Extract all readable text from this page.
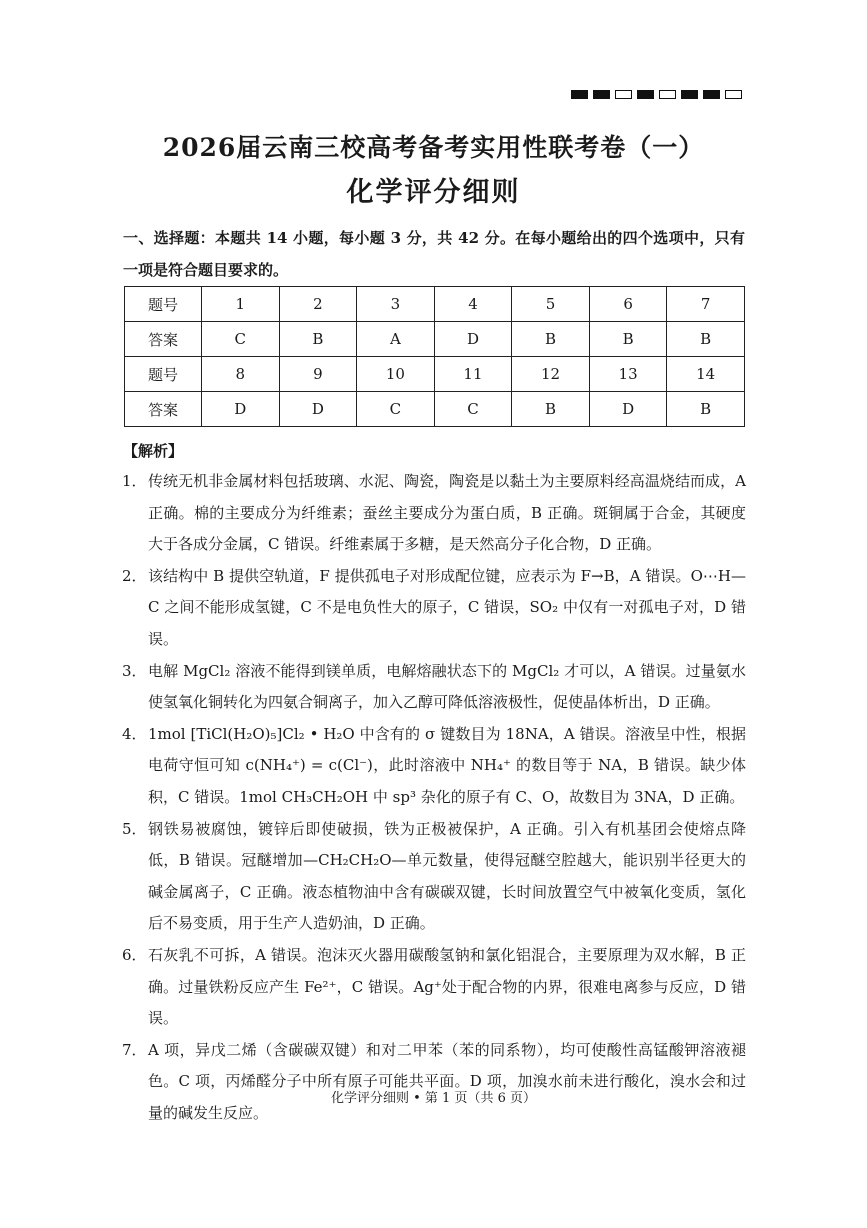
2026届云南三校高考备考实用性联考卷（一）
化学评分细则
一、选择题：本题共 14 小题，每小题 3 分，共 42 分。在每小题给出的四个选项中，只有一项是符合题目要求的。
题号	1	2	3	4	5	6	7
答案	C	B	A	D	B	B	B
题号	8	9	10	11	12	13	14
答案	D	D	C	C	B	D	B
【解析】
1． 传统无机非金属材料包括玻璃、水泥、陶瓷，陶瓷是以黏土为主要原料经高温烧结而成，A 正确。棉的主要成分为纤维素；蚕丝主要成分为蛋白质，B 正确。斑铜属于合金，其硬度大于各成分金属，C 错误。纤维素属于多糖，是天然高分子化合物，D 正确。
2． 该结构中 B 提供空轨道，F 提供孤电子对形成配位键，应表示为 F→B，A 错误。O⋯H—C 之间不能形成氢键，C 不是电负性大的原子，C 错误，SO₂ 中仅有一对孤电子对，D 错误。
3． 电解 MgCl₂ 溶液不能得到镁单质，电解熔融状态下的 MgCl₂ 才可以，A 错误。过量氨水使氢氧化铜转化为四氨合铜离子，加入乙醇可降低溶液极性，促使晶体析出，D 正确。
4． 1mol [TiCl(H₂O)₅]Cl₂ • H₂O 中含有的 σ 键数目为 18NA，A 错误。溶液呈中性，根据电荷守恒可知 c(NH₄⁺) = c(Cl⁻)，此时溶液中 NH₄⁺ 的数目等于 NA，B 错误。缺少体积，C 错误。1mol CH₃CH₂OH 中 sp³ 杂化的原子有 C、O，故数目为 3NA，D 正确。
5． 钢铁易被腐蚀，镀锌后即使破损，铁为正极被保护，A 正确。引入有机基团会使熔点降低，B 错误。冠醚增加—CH₂CH₂O—单元数量，使得冠醚空腔越大，能识别半径更大的碱金属离子，C 正确。液态植物油中含有碳碳双键，长时间放置空气中被氧化变质，氢化后不易变质，用于生产人造奶油，D 正确。
6． 石灰乳不可拆，A 错误。泡沫灭火器用碳酸氢钠和氯化铝混合，主要原理为双水解，B 正确。过量铁粉反应产生 Fe²⁺，C 错误。Ag⁺处于配合物的内界，很难电离参与反应，D 错误。
7． A 项，异戊二烯（含碳碳双键）和对二甲苯（苯的同系物），均可使酸性高锰酸钾溶液褪色。C 项，丙烯醛分子中所有原子可能共平面。D 项，加溴水前未进行酸化，溴水会和过量的碱发生反应。
化学评分细则 • 第 1 页（共 6 页）
